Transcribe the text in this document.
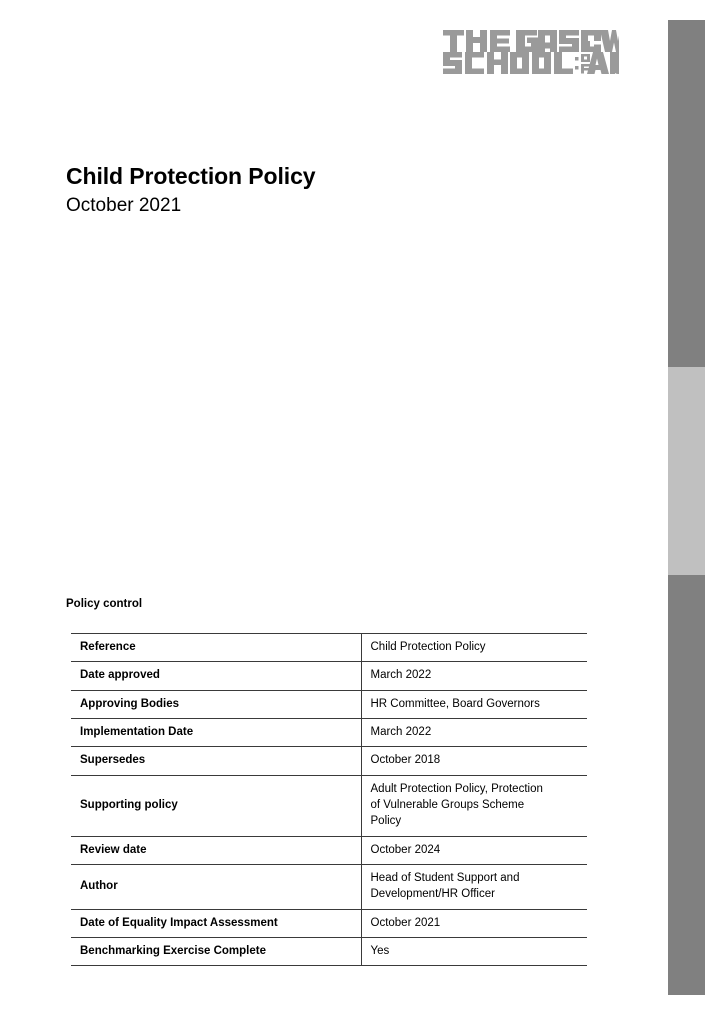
Child Protection Policy

October 2021

Policy control
Reference	Child Protection Policy
Date approved	March 2022
Approving Bodies	HR Committee, Board Governors
Implementation Date	March 2022
Supersedes	October 2018
Supporting policy	Adult Protection Policy, Protection
of Vulnerable Groups Scheme
Policy

Review date	October 2024
Author	Head of Student Support and
Development/HR Officer

Date of Equality Impact Assessment	October 2021
Benchmarking Exercise Complete	Yes
